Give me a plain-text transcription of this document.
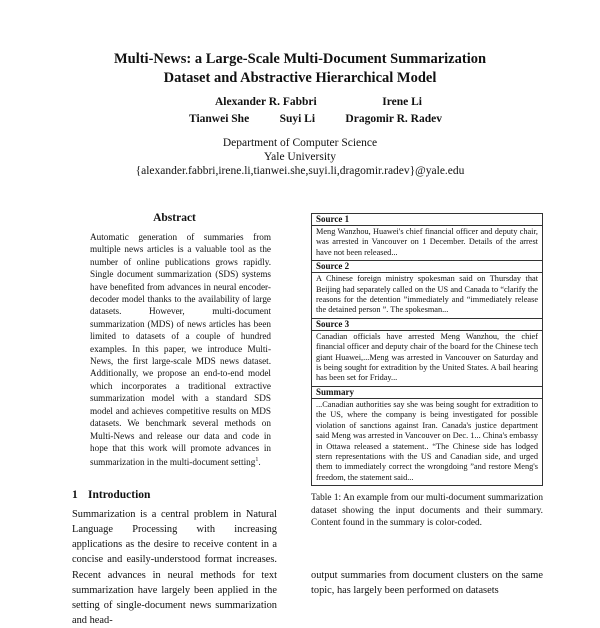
Multi-News: a Large-Scale Multi-Document Summarization
Dataset and Abstractive Hierarchical Model
Alexander R. Fabbri	Irene Li
Tianwei She	Suyi Li	Dragomir R. Radev
Department of Computer Science
Yale University
{alexander.fabbri,irene.li,tianwei.she,suyi.li,dragomir.radev}@yale.edu
Abstract
Automatic generation of summaries from multiple news articles is a valuable tool as the number of online publications grows rapidly. Single document summarization (SDS) systems have benefited from advances in neural encoder-decoder model thanks to the availability of large datasets. However, multi-document summarization (MDS) of news articles has been limited to datasets of a couple of hundred examples. In this paper, we introduce Multi-News, the first large-scale MDS news dataset. Additionally, we propose an end-to-end model which incorporates a traditional extractive summarization model with a standard SDS model and achieves competitive results on MDS datasets. We benchmark several methods on Multi-News and release our data and code in hope that this work will promote advances in summarization in the multi-document setting$^1$.
1 Introduction
Summarization is a central problem in Natural Language Processing with increasing applications as the desire to receive content in a concise and easily-understood format increases. Recent advances in neural methods for text summarization have largely been applied in the setting of single-document news summarization and head-
Source 1
Meng Wanzhou, Huawei's chief financial officer and deputy chair, was arrested in Vancouver on 1 December. Details of the arrest have not been released...
Source 2
A Chinese foreign ministry spokesman said on Thursday that Beijing had separately called on the US and Canada to “clarify the reasons for the detention ”immediately and “immediately release the detained person ”. The spokesman...
Source 3
Canadian officials have arrested Meng Wanzhou, the chief financial officer and deputy chair of the board for the Chinese tech giant Huawei,...Meng was arrested in Vancouver on Saturday and is being sought for extradition by the United States. A bail hearing has been set for Friday...
Summary
...Canadian authorities say she was being sought for extradition to the US, where the company is being investigated for possible violation of sanctions against Iran. Canada's justice department said Meng was arrested in Vancouver on Dec. 1... China's embassy in Ottawa released a statement.. “The Chinese side has lodged stern representations with the US and Canadian side, and urged them to immediately correct the wrongdoing ”and restore Meng's freedom, the statement said...
Table 1: An example from our multi-document summarization dataset showing the input documents and their summary. Content found in the summary is color-coded.
output summaries from document clusters on the same topic, has largely been performed on datasets
